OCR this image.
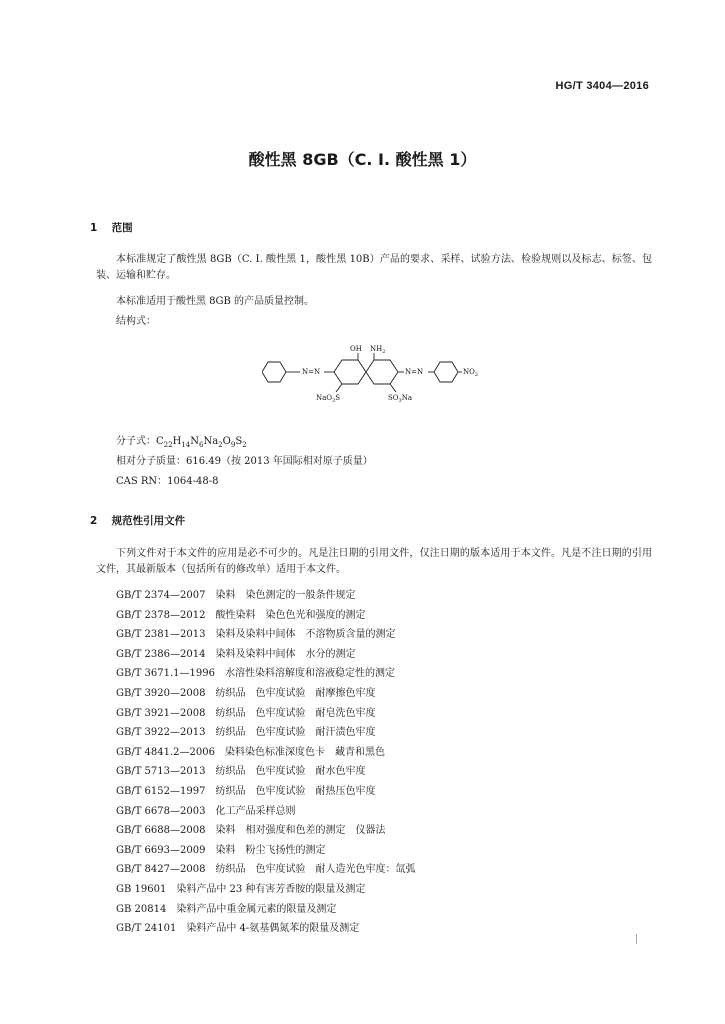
HG/T 3404—2016
酸性黑 8GB（C. I. 酸性黑 1）
1 范围
本标准规定了酸性黑 8GB（C. I. 酸性黑 1，酸性黑 10B）产品的要求、采样、试验方法、检验规则以及标志、标签、包装、运输和贮存。
本标准适用于酸性黑 8GB 的产品质量控制。
结构式：
N=N	N=N
OH $NH_2$
$NO_2$
NaO$_3$S	$SO_3Na$
分子式：$C_{22}H_{14}N_6Na_2O_9S_2$
相对分子质量：616.49（按 2013 年国际相对原子质量）
CAS RN：1064-48-8
2 规范性引用文件
下列文件对于本文件的应用是必不可少的。凡是注日期的引用文件，仅注日期的版本适用于本文件。凡是不注日期的引用文件，其最新版本（包括所有的修改单）适用于本文件。
GB/T 2374—2007 染料　染色测定的一般条件规定
GB/T 2378—2012 酸性染料　染色色光和强度的测定
GB/T 2381—2013 染料及染料中间体　不溶物质含量的测定
GB/T 2386—2014 染料及染料中间体　水分的测定
GB/T 3671.1—1996 水溶性染料溶解度和溶液稳定性的测定
GB/T 3920—2008 纺织品　色牢度试验　耐摩擦色牢度
GB/T 3921—2008 纺织品　色牢度试验　耐皂洗色牢度
GB/T 3922—2013 纺织品　色牢度试验　耐汗渍色牢度
GB/T 4841.2—2006 染料染色标准深度色卡　藏青和黑色
GB/T 5713—2013 纺织品　色牢度试验　耐水色牢度
GB/T 6152—1997 纺织品　色牢度试验　耐热压色牢度
GB/T 6678—2003 化工产品采样总则
GB/T 6688—2008 染料　相对强度和色差的测定　仪器法
GB/T 6693—2009 染料　粉尘飞扬性的测定
GB/T 8427—2008 纺织品　色牢度试验　耐人造光色牢度：氙弧
GB 19601 染料产品中 23 种有害芳香胺的限量及测定
GB 20814 染料产品中重金属元素的限量及测定
GB/T 24101 染料产品中 4-氨基偶氮苯的限量及测定
